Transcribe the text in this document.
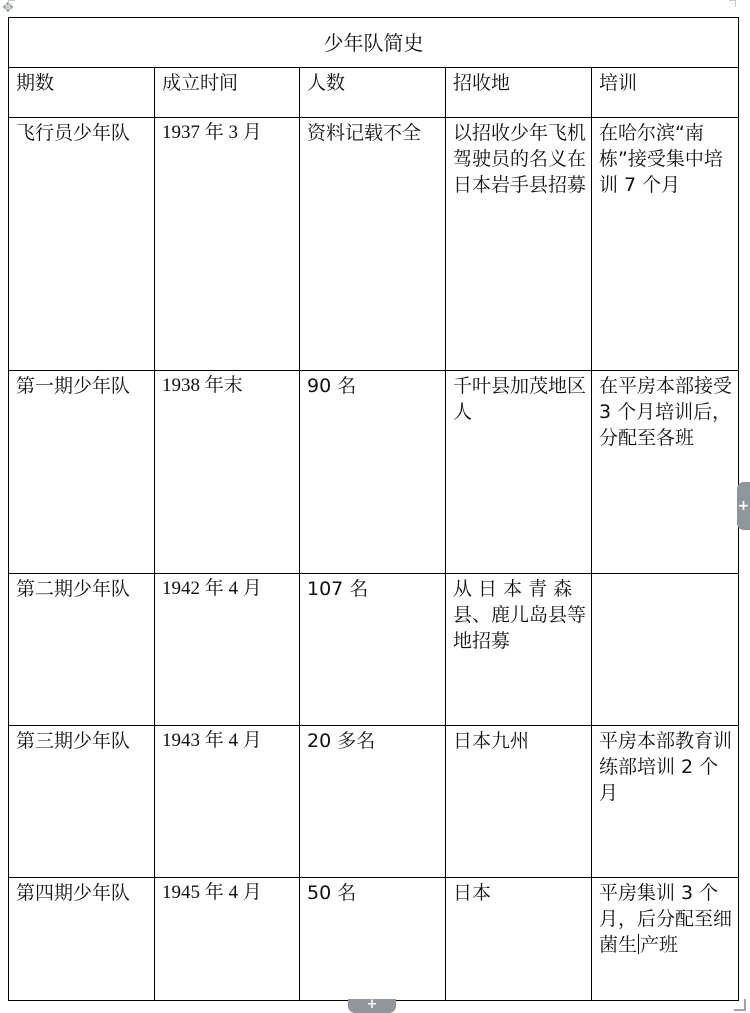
✥
少年队简史				

期数	成立时间	人数	招收地	培训

飞行员少年队	1937 年 3 月	资料记载不全	以招收少年飞机驾驶员的名义在日本岩手县招募	在哈尔滨“南栋”接受集中培训 7 个月

第一期少年队	1938 年末	90 名	千叶县加茂地区人	在平房本部接受 3 个月培训后，分配至各班

第二期少年队	1942 年 4 月	107 名	从 日 本 青 森县、鹿儿岛县等地招募	

第三期少年队	1943 年 4 月	20 多名	日本九州	平房本部教育训练部培训 2 个月

第四期少年队	1945 年 4 月	50 名	日本	平房集训 3 个月，后分配至细菌生 产班
+
+
